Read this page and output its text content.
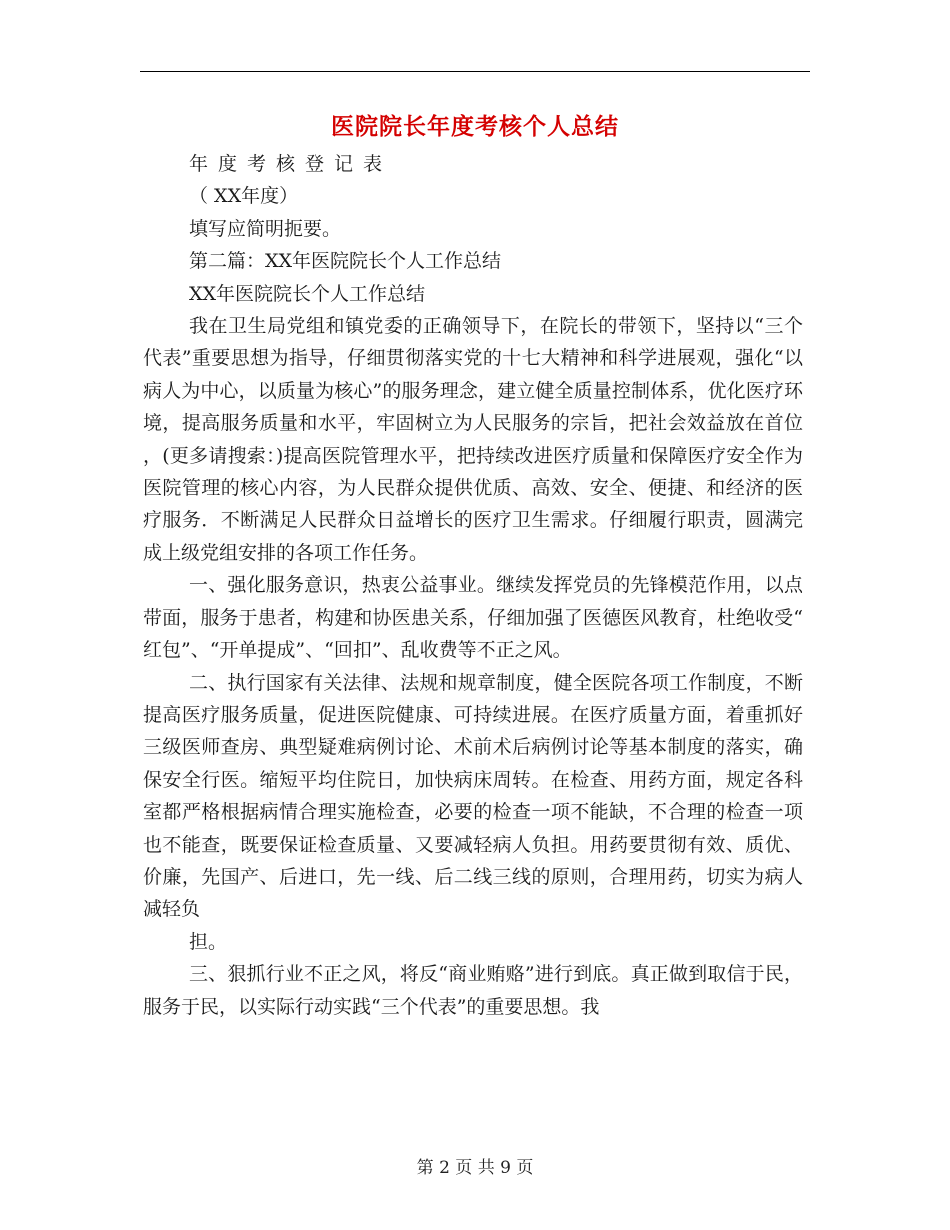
医院院长年度考核个人总结

年度考核登记表

（ XX年度）

填写应简明扼要。

第二篇：XX年医院院长个人工作总结

XX年医院院长个人工作总结

我在卫生局党组和镇党委的正确领导下，在院长的带领下，坚持以“三个代表”重要思想为指导，仔细贯彻落实党的十七大精神和科学进展观，强化“以病人为中心，以质量为核心”的服务理念，建立健全质量控制体系，优化医疗环境，提高服务质量和水平，牢固树立为人民服务的宗旨，把社会效益放在首位，(更多请搜索：)提高医院管理水平，把持续改进医疗质量和保障医疗安全作为医院管理的核心内容，为人民群众提供优质、高效、安全、便捷、和经济的医疗服务．不断满足人民群众日益增长的医疗卫生需求。仔细履行职责，圆满完成上级党组安排的各项工作任务。

一、强化服务意识，热衷公益事业。继续发挥党员的先锋模范作用，以点带面，服务于患者，构建和协医患关系，仔细加强了医德医风教育，杜绝收受“红包”、“开单提成”、“回扣”、乱收费等不正之风。

二、执行国家有关法律、法规和规章制度，健全医院各项工作制度，不断提高医疗服务质量，促进医院健康、可持续进展。在医疗质量方面，着重抓好三级医师查房、典型疑难病例讨论、术前术后病例讨论等基本制度的落实，确保安全行医。缩短平均住院日，加快病床周转。在检查、用药方面，规定各科室都严格根据病情合理实施检查，必要的检查一项不能缺，不合理的检查一项也不能查，既要保证检查质量、又要减轻病人负担。用药要贯彻有效、质优、价廉，先国产、后进口，先一线、后二线三线的原则，合理用药，切实为病人减轻负

担。

三、狠抓行业不正之风，将反“商业贿赂”进行到底。真正做到取信于民，服务于民，以实际行动实践“三个代表”的重要思想。我

第 2 页 共 9 页
